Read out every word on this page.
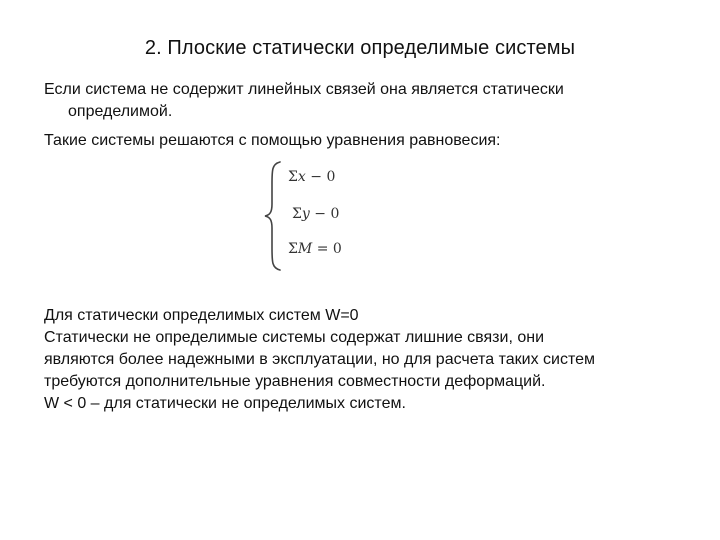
2. Плоские статически определимые системы

Если система не содержит линейных связей она является статически
определимой.

Такие системы решаются с помощью уравнения равновесия:

Σx − 0
Σy − 0
ΣM = 0
Для статически определимых систем W=0
Статически не определимые системы содержат лишние связи, они
являются более надежными в эксплуатации, но для расчета таких систем
требуются дополнительные уравнения совместности деформаций.
W < 0 – для статически не определимых систем.
